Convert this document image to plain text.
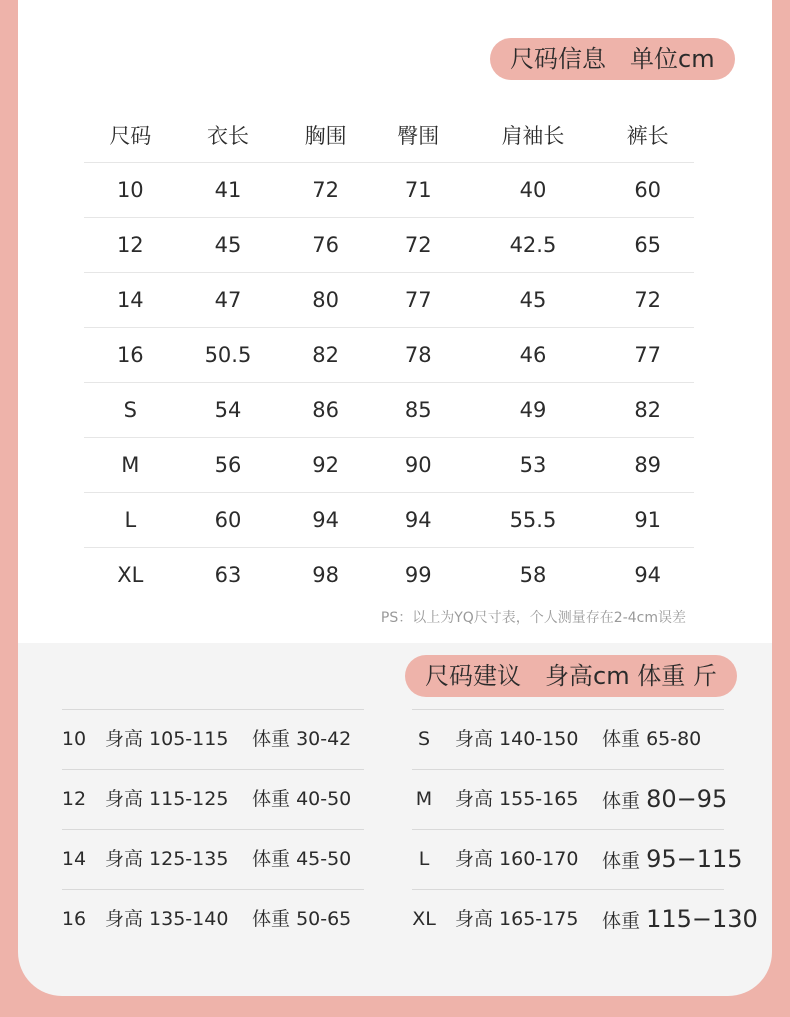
尺码信息 单位cm
尺码	衣长	胸围	臀围	肩袖长	裤长
10	41	72	71	40	60
12	45	76	72	42.5	65
14	47	80	77	45	72
16	50.5	82	78	46	77
S	54	86	85	49	82
M	56	92	90	53	89
L	60	94	94	55.5	91
XL	63	98	99	58	94
PS：以上为YQ尺寸表，个人测量存在2-4cm误差
尺码建议 身高cm 体重 斤
10 身高 105-115 体重 30-42
12 身高 115-125 体重 40-50
14 身高 125-135 体重 45-50
16 身高 135-140 体重 50-65
S	身高 140-150 体重 65-80
M	身高 155-165 体重 80−95
L	身高 160-170 体重 95−115
XL	身高 165-175 体重 115−130
